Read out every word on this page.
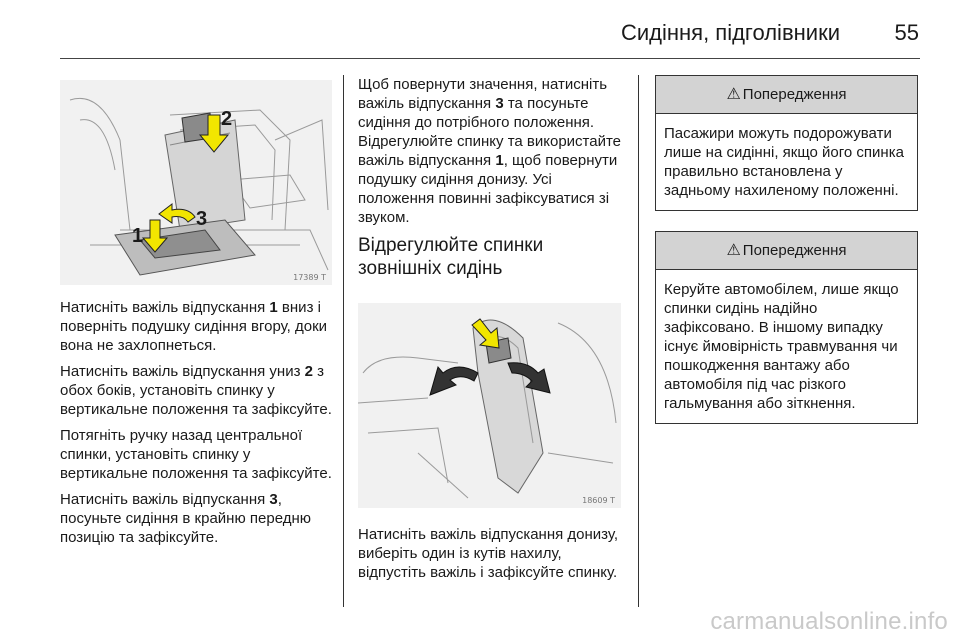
Сидіння, підголівники 55
2
1
3
17389 T

Натисніть важіль відпускання 1 вниз і поверніть подушку сидіння вгору, доки вона не захлопнеться.

Натисніть важіль відпускання униз 2 з обох боків, установіть спинку у вертикальне положення та зафіксуйте.

Потягніть ручку назад центральної спинки, установіть спинку у вертикальне положення та зафіксуйте.

Натисніть важіль відпускання 3, посуньте сидіння в крайню передню позицію та зафіксуйте.

Щоб повернути значення, натисніть важіль відпускання 3 та посуньте сидіння до потрібного положення. Відрегулюйте спинку та використайте важіль відпускання 1, щоб повернути подушку сидіння донизу. Усі положення повинні зафіксуватися зі звуком.

Відрегулюйте спинки зовнішніх сидінь
18609 T

Натисніть важіль відпускання донизу, виберіть один із кутів нахилу, відпустіть важіль і зафіксуйте спинку.

⚠ Попередження
Пасажири можуть подорожувати лише на сидінні, якщо його спинка правильно встановлена у задньому нахиленому положенні.
⚠ Попередження
Керуйте автомобілем, лише якщо спинки сидінь надійно зафіксовано. В іншому випадку існує ймовірність травмування чи пошкодження вантажу або автомобіля під час різкого гальмування або зіткнення.
carmanualsonline.info
